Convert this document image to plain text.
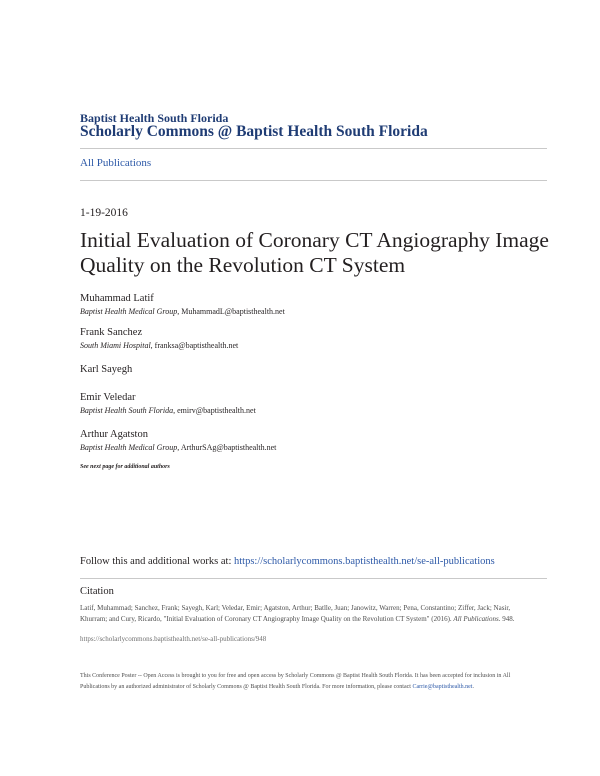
Baptist Health South Florida
Scholarly Commons @ Baptist Health South Florida
All Publications
1-19-2016
Initial Evaluation of Coronary CT Angiography Image Quality on the Revolution CT System
Muhammad Latif
Baptist Health Medical Group, MuhammadL@baptisthealth.net
Frank Sanchez
South Miami Hospital, franksa@baptisthealth.net
Karl Sayegh
Emir Veledar
Baptist Health South Florida, emirv@baptisthealth.net
Arthur Agatston
Baptist Health Medical Group, ArthurSAg@baptisthealth.net
See next page for additional authors
Follow this and additional works at: https://scholarlycommons.baptisthealth.net/se-all-publications
Citation
Latif, Muhammad; Sanchez, Frank; Sayegh, Karl; Veledar, Emir; Agatston, Arthur; Batlle, Juan; Janowitz, Warren; Pena, Constantino; Ziffer, Jack; Nasir, Khurram; and Cury, Ricardo, "Initial Evaluation of Coronary CT Angiography Image Quality on the Revolution CT System" (2016). All Publications. 948.
https://scholarlycommons.baptisthealth.net/se-all-publications/948
This Conference Poster -- Open Access is brought to you for free and open access by Scholarly Commons @ Baptist Health South Florida. It has been accepted for inclusion in All Publications by an authorized administrator of Scholarly Commons @ Baptist Health South Florida. For more information, please contact Carrie@baptisthealth.net.
